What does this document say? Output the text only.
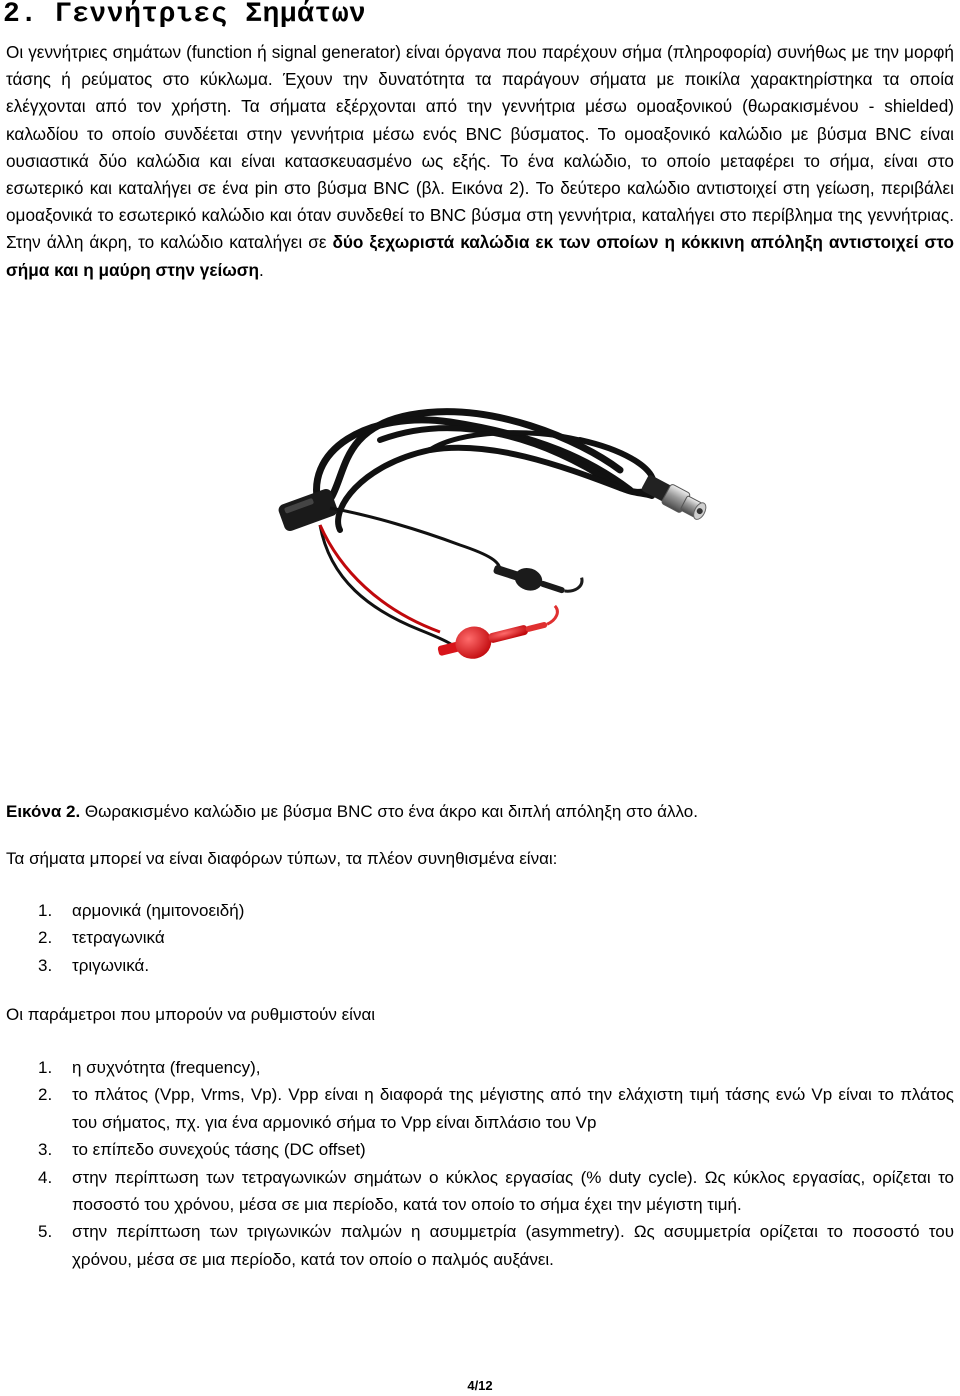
2. Γεννήτριες Σημάτων

Οι γεννήτριες σημάτων (function ή signal generator) είναι όργανα που παρέχουν σήμα (πληροφορία) συνήθως με την μορφή τάσης ή ρεύματος στο κύκλωμα. Έχουν την δυνατότητα τα παράγουν σήματα με ποικίλα χαρακτηρίστηκα τα οποία ελέγχονται από τον χρήστη. Τα σήματα εξέρχονται από την γεννήτρια μέσω ομοαξονικού (θωρακισμένου - shielded) καλωδίου το οποίο συνδέεται στην γεννήτρια μέσω ενός BNC βύσματος. Το ομοαξονικό καλώδιο με βύσμα BNC είναι ουσιαστικά δύο καλώδια και είναι κατασκευασμένο ως εξής. Το ένα καλώδιο, το οποίο μεταφέρει το σήμα, είναι στο εσωτερικό και καταλήγει σε ένα pin στο βύσμα BNC (βλ. Εικόνα 2). Το δεύτερο καλώδιο αντιστοιχεί στη γείωση, περιβάλει ομοαξονικά το εσωτερικό καλώδιο και όταν συνδεθεί το BNC βύσμα στη γεννήτρια, καταλήγει στο περίβλημα της γεννήτριας. Στην άλλη άκρη, το καλώδιο καταλήγει σε δύο ξεχωριστά καλώδια εκ των οποίων η κόκκινη απόληξη αντιστοιχεί στο σήμα και η μαύρη στην γείωση.

Εικόνα 2. Θωρακισμένο καλώδιο με βύσμα BNC στο ένα άκρο και διπλή απόληξη στο άλλο.

Τα σήματα μπορεί να είναι διαφόρων τύπων, τα πλέον συνηθισμένα είναι:

1. αρμονικά (ημιτονοειδή)
2. τετραγωνικά
3. τριγωνικά.

Οι παράμετροι που μπορούν να ρυθμιστούν είναι

1. η συχνότητα (frequency),
2. το πλάτος (Vpp, Vrms, Vp). Vpp είναι η διαφορά της μέγιστης από την ελάχιστη τιμή τάσης ενώ Vp είναι το πλάτος του σήματος, πχ. για ένα αρμονικό σήμα το Vpp είναι διπλάσιο του Vp
3. το επίπεδο συνεχούς τάσης (DC offset)
4. στην περίπτωση των τετραγωνικών σημάτων ο κύκλος εργασίας (% duty cycle). Ως κύκλος εργασίας, ορίζεται το ποσοστό του χρόνου, μέσα σε μια περίοδο, κατά τον οποίο το σήμα έχει την μέγιστη τιμή.
5. στην περίπτωση των τριγωνικών παλμών η ασυμμετρία (asymmetry). Ως ασυμμετρία ορίζεται το ποσοστό του χρόνου, μέσα σε μια περίοδο, κατά τον οποίο ο παλμός αυξάνει.
4/12
